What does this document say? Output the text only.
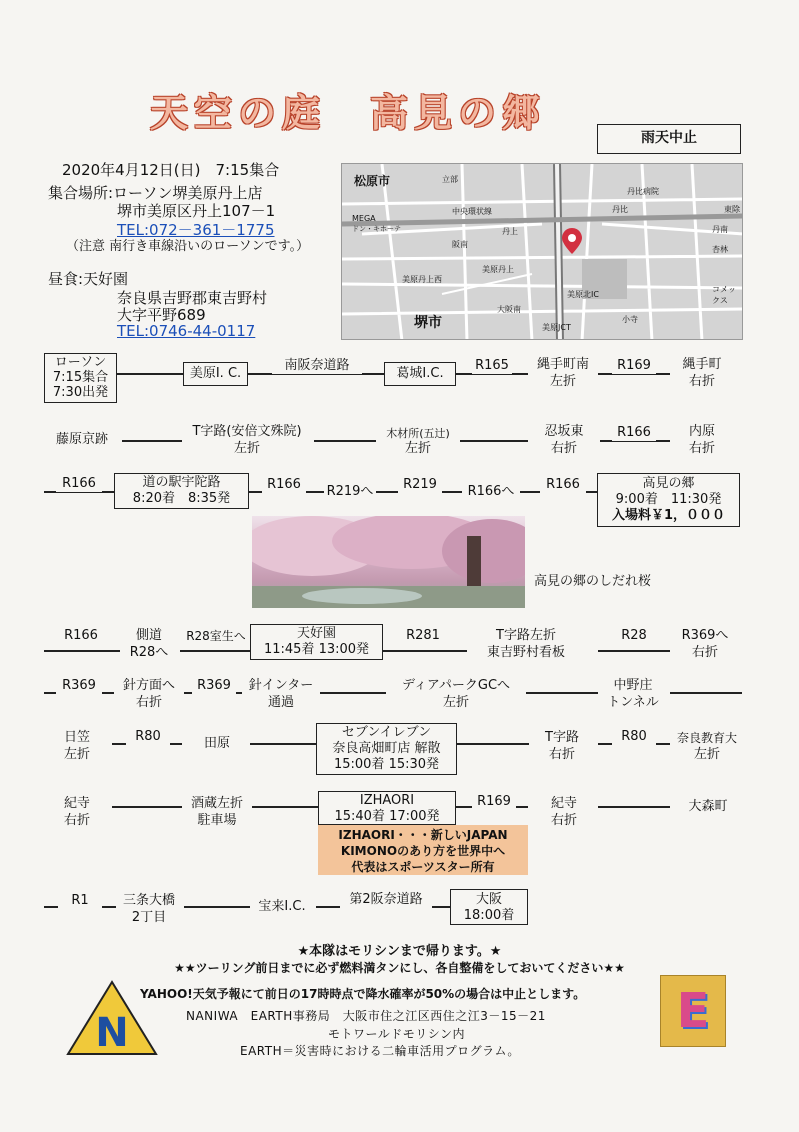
天空の庭　高見の郷
雨天中止
2020年4月12日(日)　7:15集合
集合場所:ローソン堺美原丹上店
堺市美原区丹上107－1
TEL:072－361－1775
（注意 南行き車線沿いのローソンです。）
昼食:天好園
奈良県吉野郡東吉野村
大字平野689
TEL:0746-44-0117
松原市	立部
丹比
丹比病院
MEGA
ドン・キホーテ
中央環状線
堺市
丹上
美原丹上西
美原丹上
美原JCT
美原北IC
大阪南
コメックス
杏林
阪南
丹南
小寺
東除
ローソン
7:15集合
7:30出発
美原I. C.
南阪奈道路
葛城I.C.
R165	縄手町南
左折
R169	縄手町
右折
藤原京跡
T字路(安倍文殊院)
左折
木材所(五辻)
左折
忍坂東
右折
R166	内原
右折
R166	道の駅宇陀路
8:20着　8:35発
R166	R219へ	R219	R166へ	R166	高見の郷
9:00着　11:30発
入場料￥1，０００
高見の郷のしだれ桜
R166	側道
R28へ
R28室生へ	天好園
11:45着 13:00発
R281	T字路左折
東吉野村看板
R28	R369へ
右折
R369	針方面へ
右折
R369	針インター
通過
ディアパークGCへ
左折
中野庄
トンネル
日笠
左折
R80	田原
セブンイレブン
奈良高畑町店 解散
15:00着 15:30発
T字路
右折
R80	奈良教育大
左折
紀寺
右折
酒蔵左折
駐車場
IZHAORI
15:40着 17:00発
R169	紀寺
右折
大森町
IZHAORI・・・新しいJAPAN
KIMONOのあり方を世界中へ
代表はスポーツスター所有
R1	三条大橋
2丁目
宝来I.C.	第2阪奈道路	大阪
18:00着
★本隊はモリシンまで帰ります。★
★★ツーリング前日までに必ず燃料満タンにし、各自整備をしておいてください★★
YAHOO!天気予報にて前日の17時時点で降水確率が50%の場合は中止とします。
N	NANIWA　EARTH事務局　大阪市住之江区西住之江3－15－21
モトワールドモリシン内
EARTH＝災害時における二輪車活用プログラム。
E
